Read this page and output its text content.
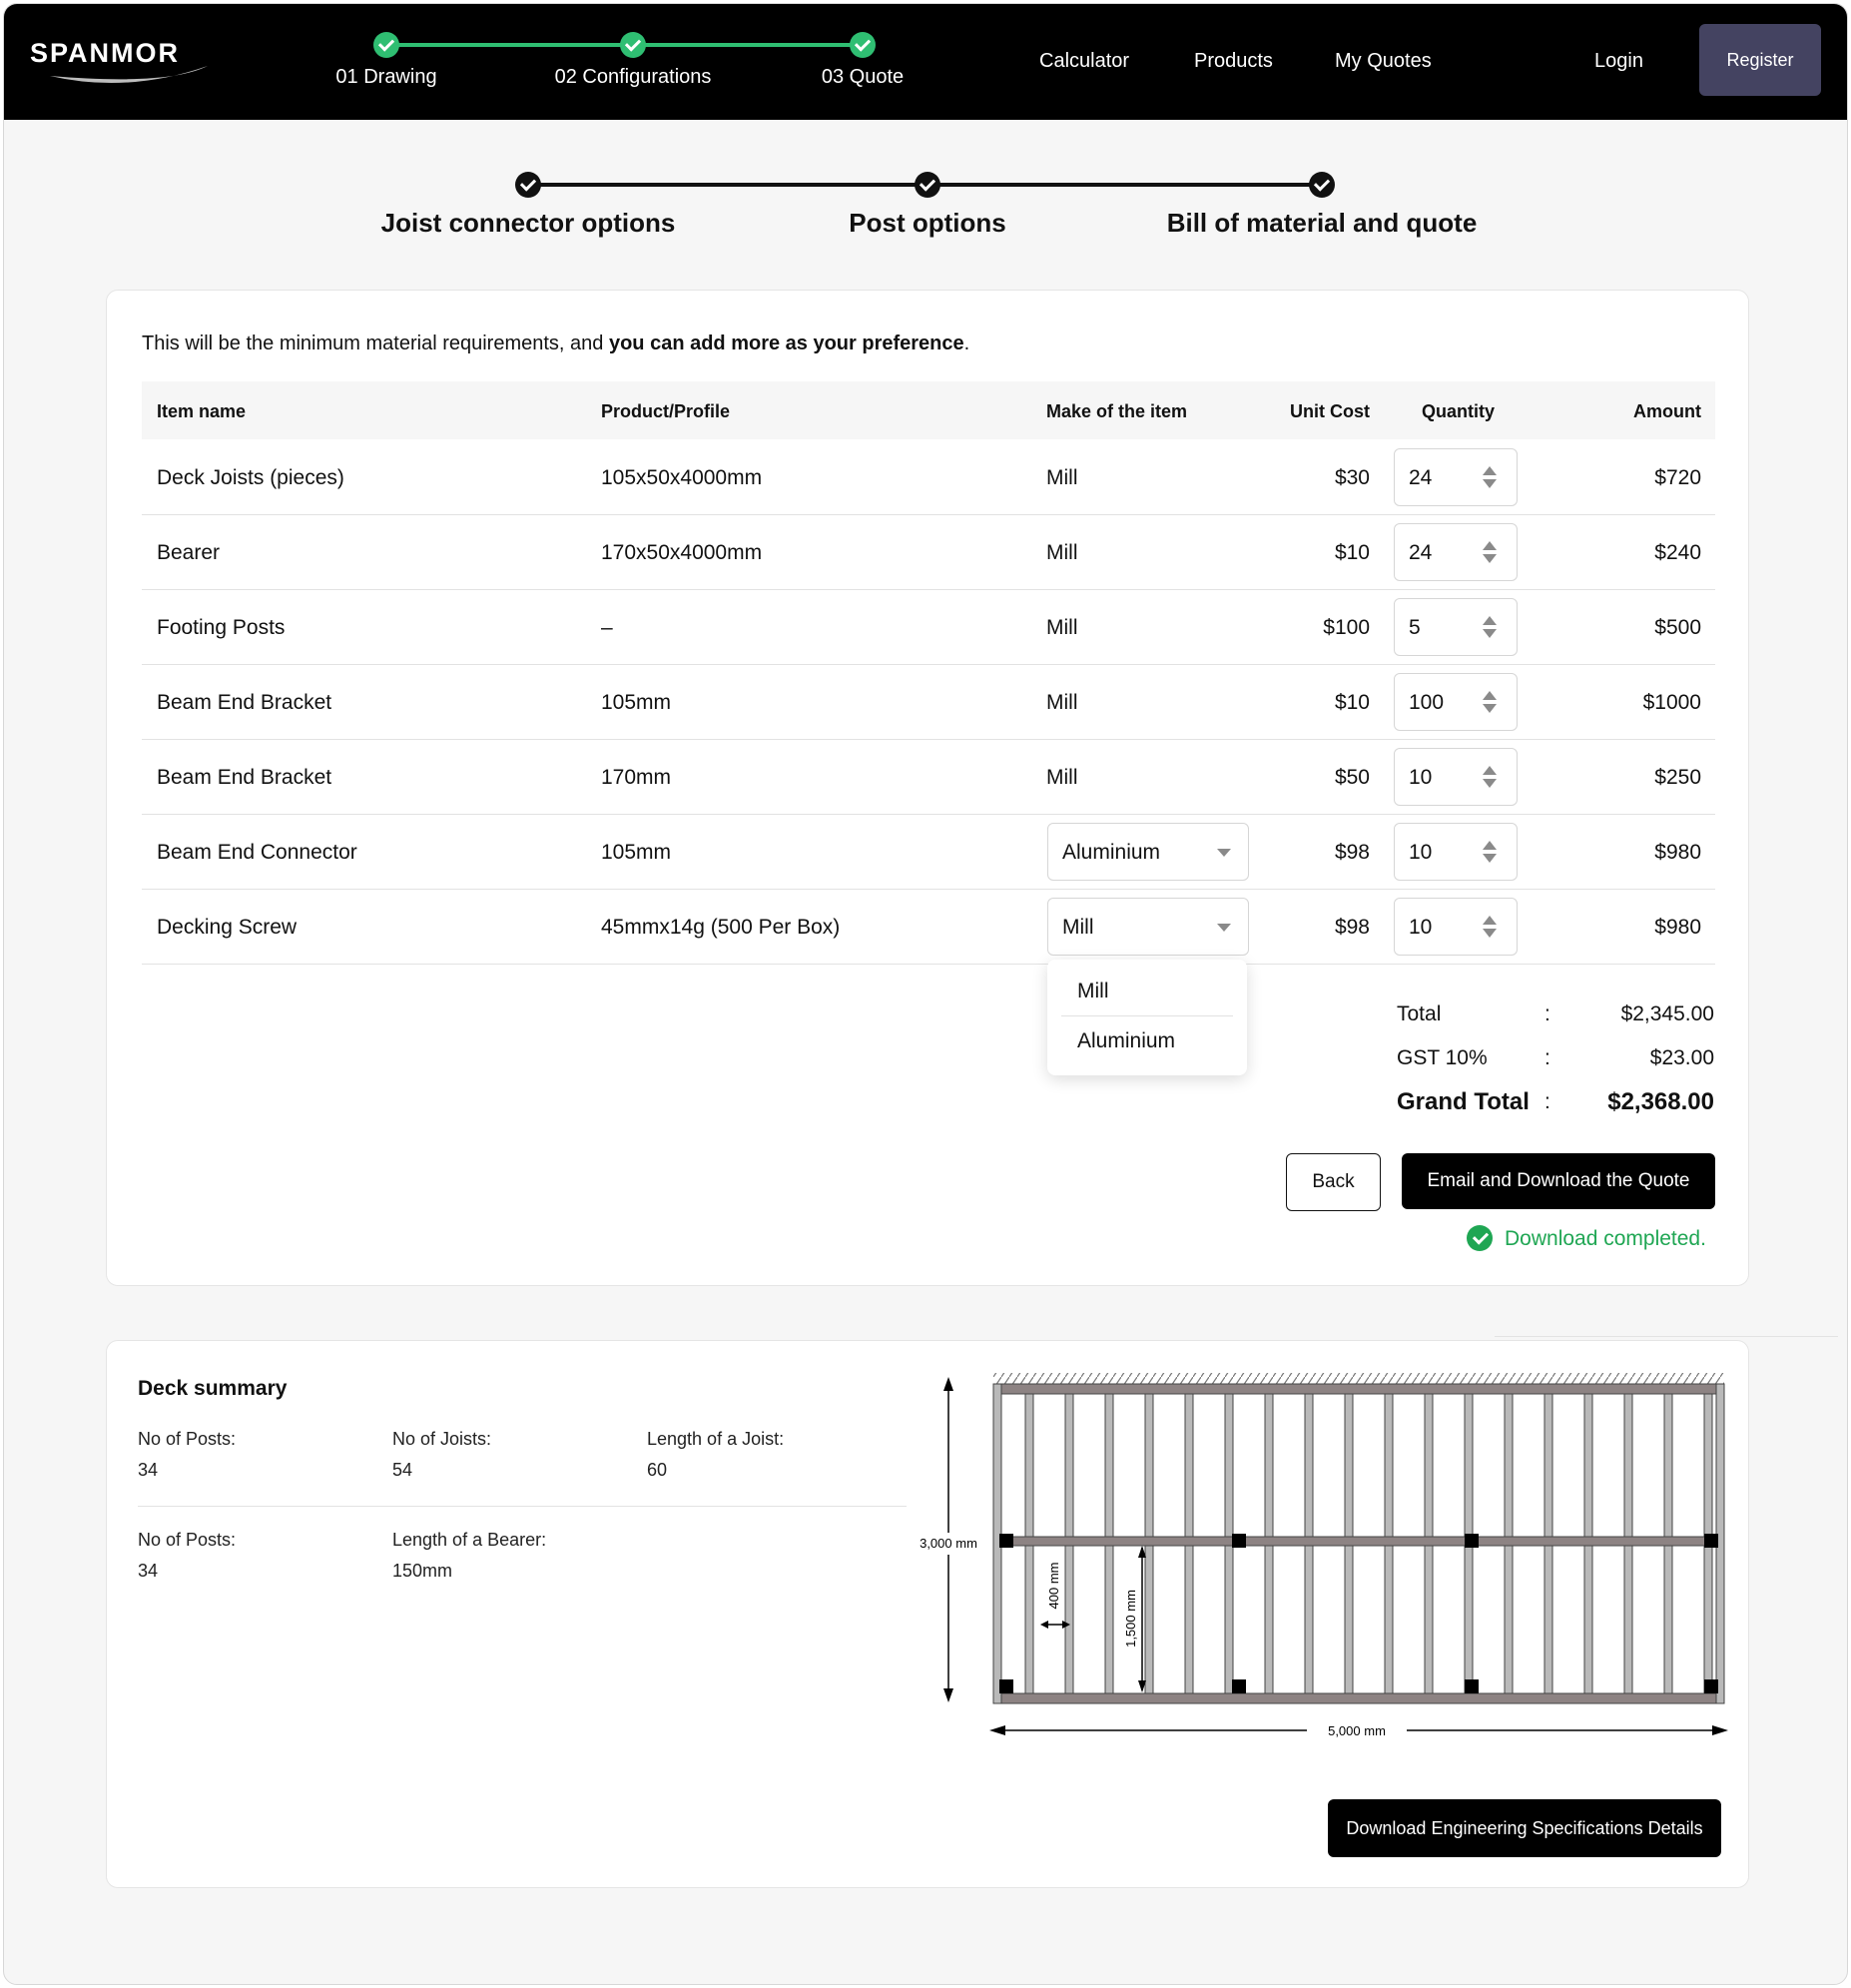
SPANMOR
01 Drawing	02 Configurations	03 Quote
Calculator	Products	My Quotes	Login	Register
Joist connector options	Post options	Bill of material and quote
This will be the minimum material requirements, and you can add more as your preference.
Item name	Product/Profile	Make of the item	Unit Cost	Quantity	Amount
Deck Joists (pieces)	105x50x4000mm	Mill	$30 24	$720
Bearer	170x50x4000mm	Mill	$10 24	$240
Footing Posts	–	Mill	$100 5	$500
Beam End Bracket	105mm	Mill	$10 100	$1000
Beam End Bracket	170mm	Mill	$50 10	$250
Beam End Connector	105mm	Aluminium	$98 10	$980
Decking Screw	45mmx14g (500 Per Box)	Mill	$98 10	$980
Mill
Aluminium
Total	:	$2,345.00
GST 10%	:	$23.00
Grand Total :	$2,368.00
Back	Email and Download the Quote
Download completed.
Deck summary
No of Posts:
34
No of Joists:
54
Length of a Joist:
60
No of Posts:
34
Length of a Bearer:
150mm
3,000 mm
5,000 mm
400 mm
1,500 mm
Download Engineering Specifications Details
